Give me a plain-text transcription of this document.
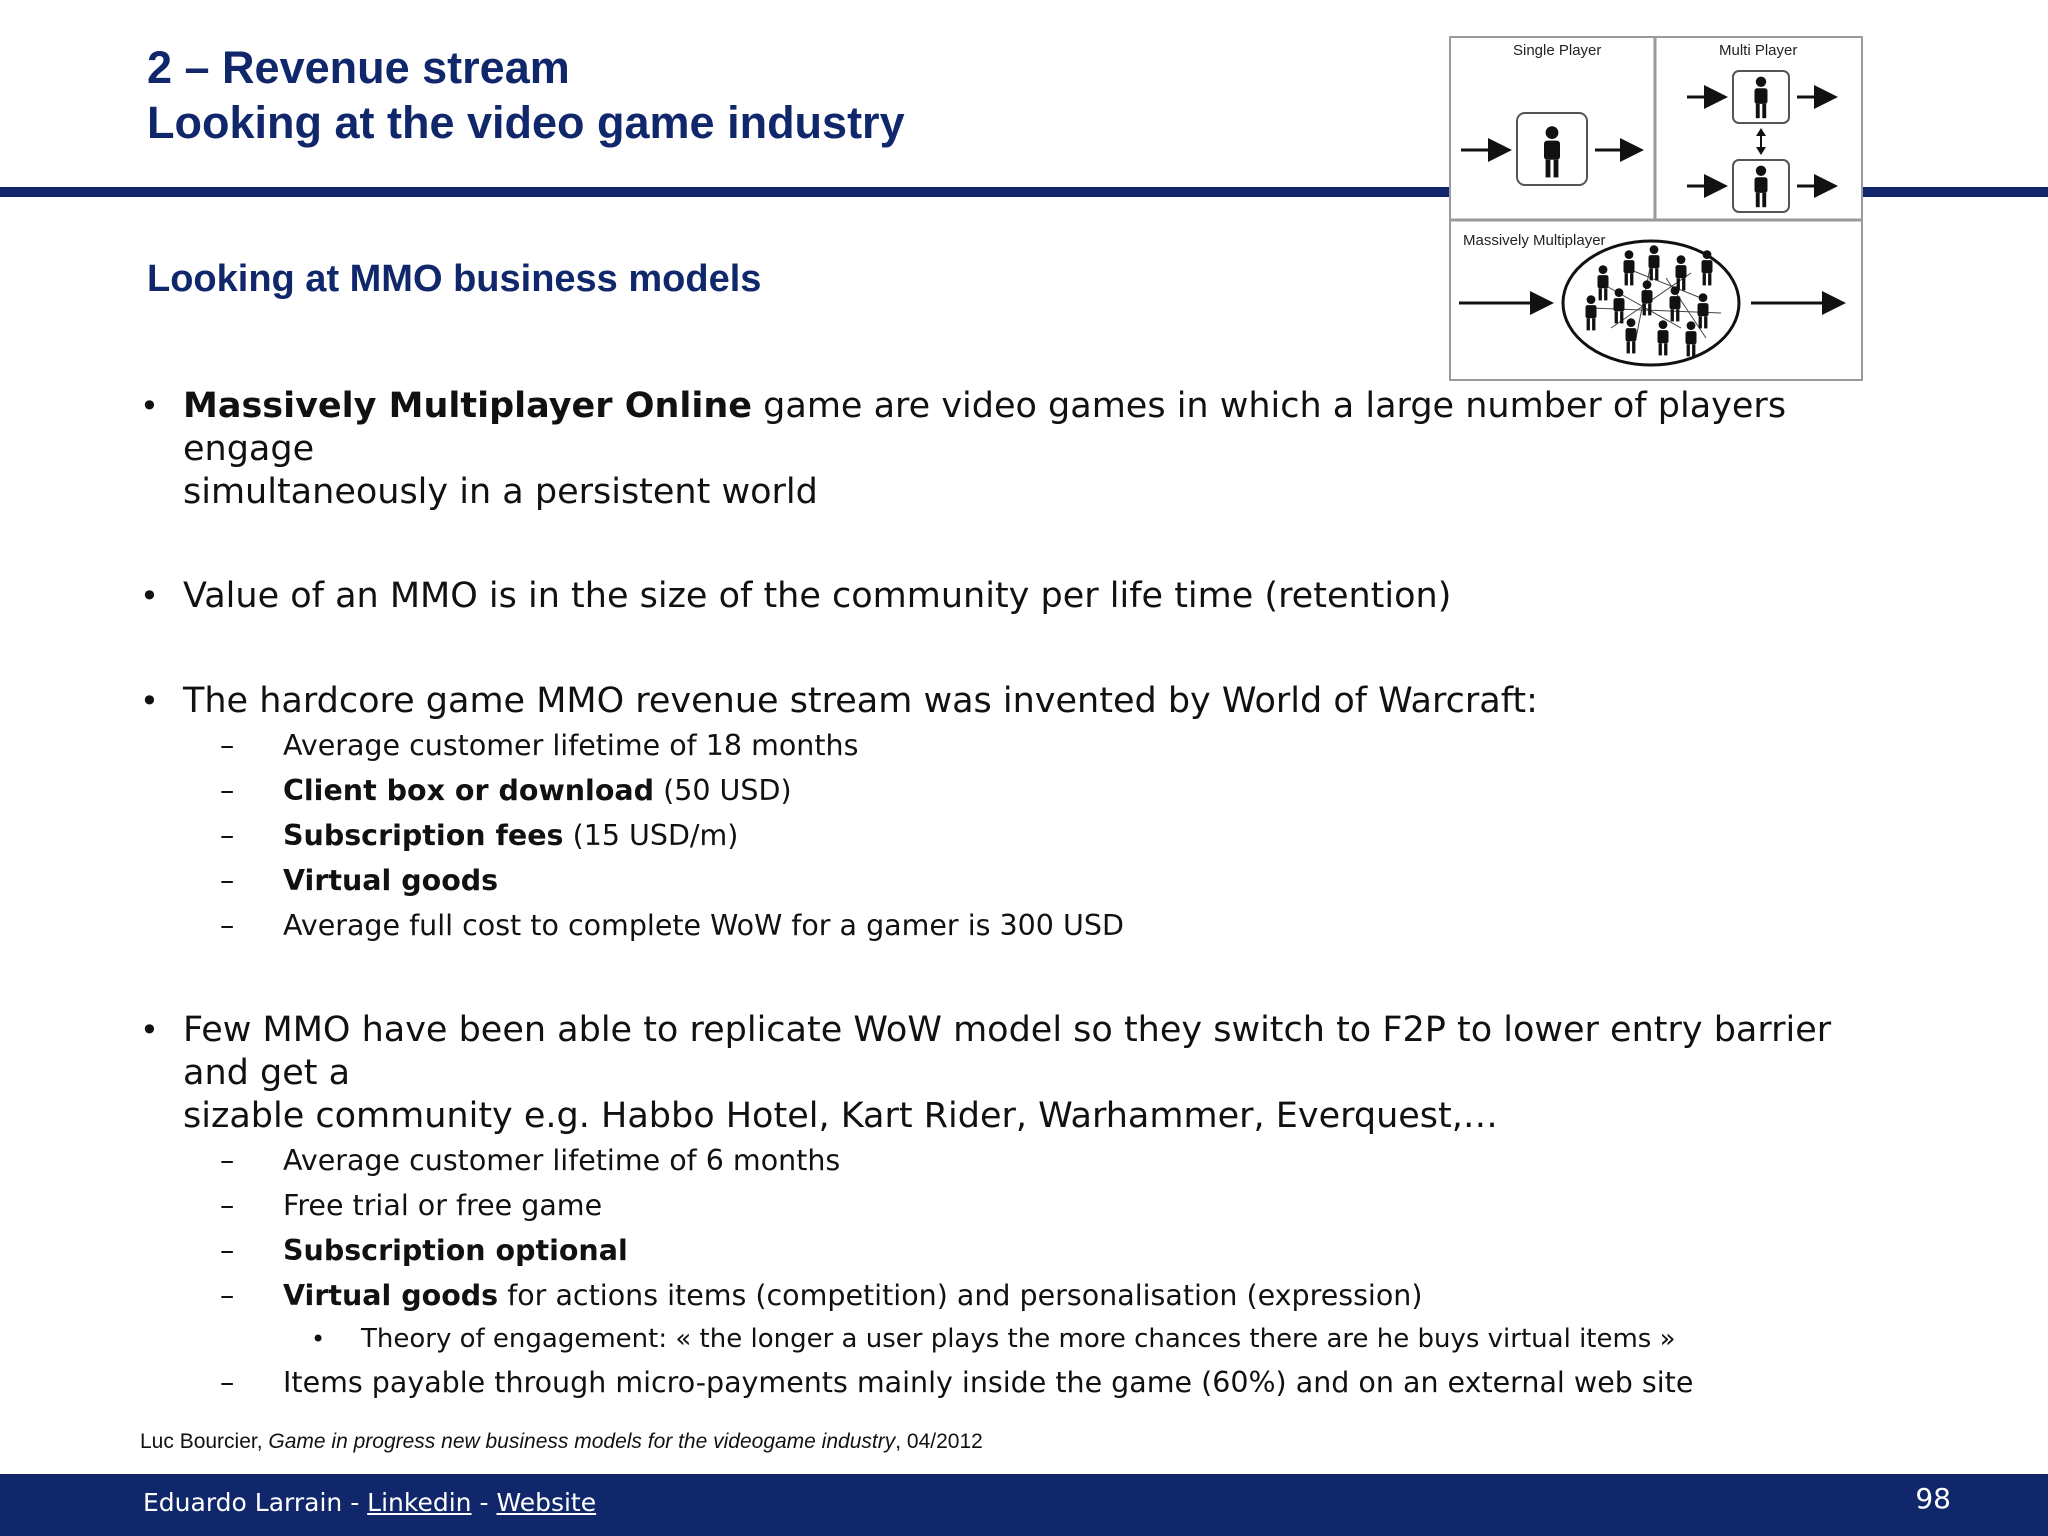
2 – Revenue stream
Looking at the video game industry
Single Player	Multi Player
Massively Multiplayer
Looking at MMO business models
• Massively Multiplayer Online game are video games in which a large number of players engage
simultaneously in a persistent world
• Value of an MMO is in the size of the community per life time (retention)
• The hardcore game MMO revenue stream was invented by World of Warcraft:
– Average customer lifetime of 18 months
– Client box or download (50 USD)
– Subscription fees (15 USD/m)
– Virtual goods
– Average full cost to complete WoW for a gamer is 300 USD
• Few MMO have been able to replicate WoW model so they switch to F2P to lower entry barrier and get a
sizable community e.g. Habbo Hotel, Kart Rider, Warhammer, Everquest,…
– Average customer lifetime of 6 months
– Free trial or free game
– Subscription optional
– Virtual goods for actions items (competition) and personalisation (expression)
• Theory of engagement: « the longer a user plays the more chances there are he buys virtual items »
– Items payable through micro-payments mainly inside the game (60%) and on an external web site
Luc Bourcier, Game in progress new business models for the videogame industry, 04/2012
Eduardo Larrain - Linkedin - Website	98
